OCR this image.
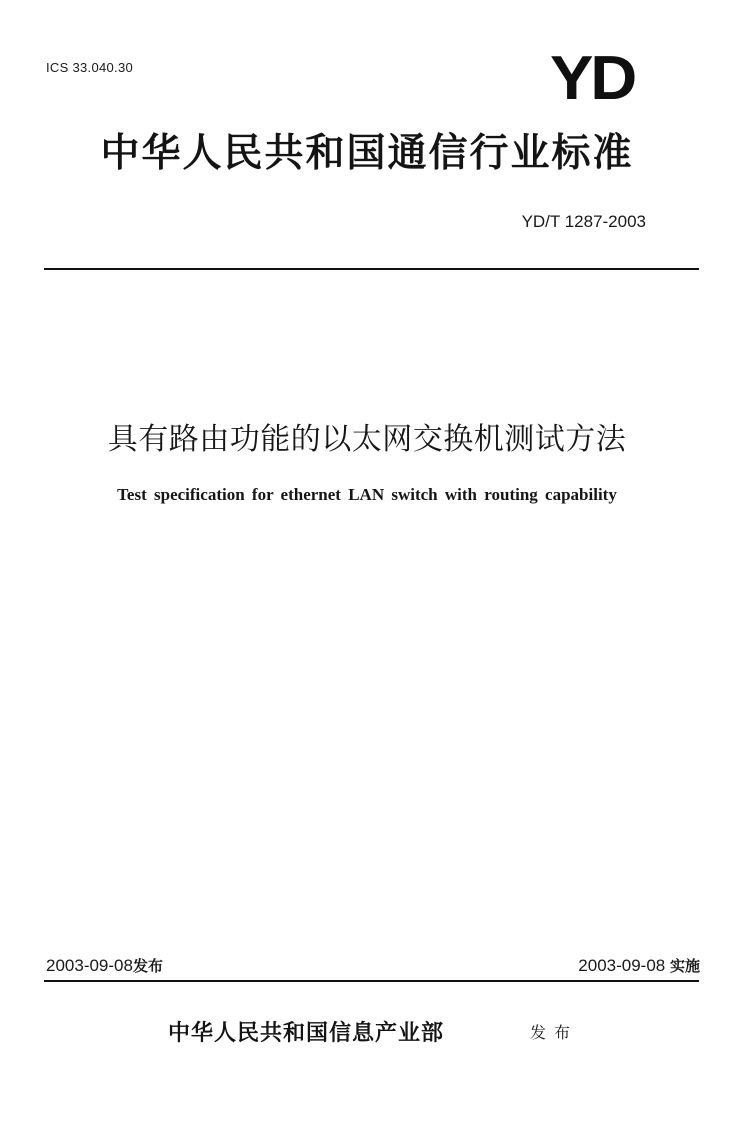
ICS 33.040.30	YD
中华人民共和国通信行业标准
YD/T 1287-2003
具有路由功能的以太网交换机测试方法
Test specification for ethernet LAN switch with routing capability
2003-09-08发布	2003-09-08 实施
中华人民共和国信息产业部	发布
